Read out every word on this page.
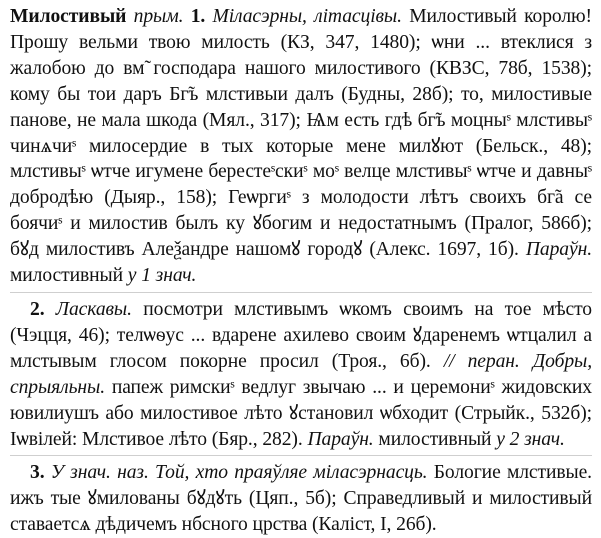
Милостивый прым. 1. Міласэрны, літасцівы. Милостивый королю! Прошу вельми твою милость (КЗ, 347, 1480); ѡни ... втеклися з жалобою до вм̃ господара нашого милостивого (КВЗС, 78б, 1538); кому бы тои даръ Бг̃ъ млстивыи далъ (Будны, 28б); то, милостивые панове, не мала шкода (Мял., 317); Ѩм есть гдѣ бг̃ъ моцныˢ млстивыˢ чинѧчиˢ милосердие в тых которые мене милꙋют (Бельск., 48); млстивыˢ ѡтче игумене берестеˢскиˢ моˢ велце млстивыˢ ѡтче и давныˢ добродѣю (Дыяр., 158); Геѡргиˢ з молодости лѣтъ своихъ бг̃а се боячиˢ и милостив былъ ку ꙋбогим и недостатнымъ (Пралог, 586б); бꙋд милостивъ Алеѯандре нашомꙋ городꙋ (Алекс. 1697, 1б). Параўн. милостивный у 1 знач.

2. Ласкавы. посмотри млстивымъ ѡкомъ своимъ на тое мѣсто (Чэцця, 46); телѡѳус ... вдарене ахилево своим ꙋдаренемъ ѡтцалил а млстывым глосом покорне просил (Троя., 6б). // перан. Добры, спрыяльны. папеж римскиˢ ведлуг звычаю ... и церемониˢ жидовских ювилиушъ або милостивое лѣто ꙋстановил ѡбходит (Стрыйк., 532б); Іѡвілей: Млстивое лѣто (Бяр., 282). Параўн. милостивный у 2 знач.

3. У знач. наз. Той, хто праяўляе міласэрнасць. Бологие млстивые. ижъ тые ꙋмилованы бꙋдꙋть (Цяп., 5б); Справедливый и милостивый ставаетсѧ дѣдичемъ нбсного црства (Каліст, I, 26б).
